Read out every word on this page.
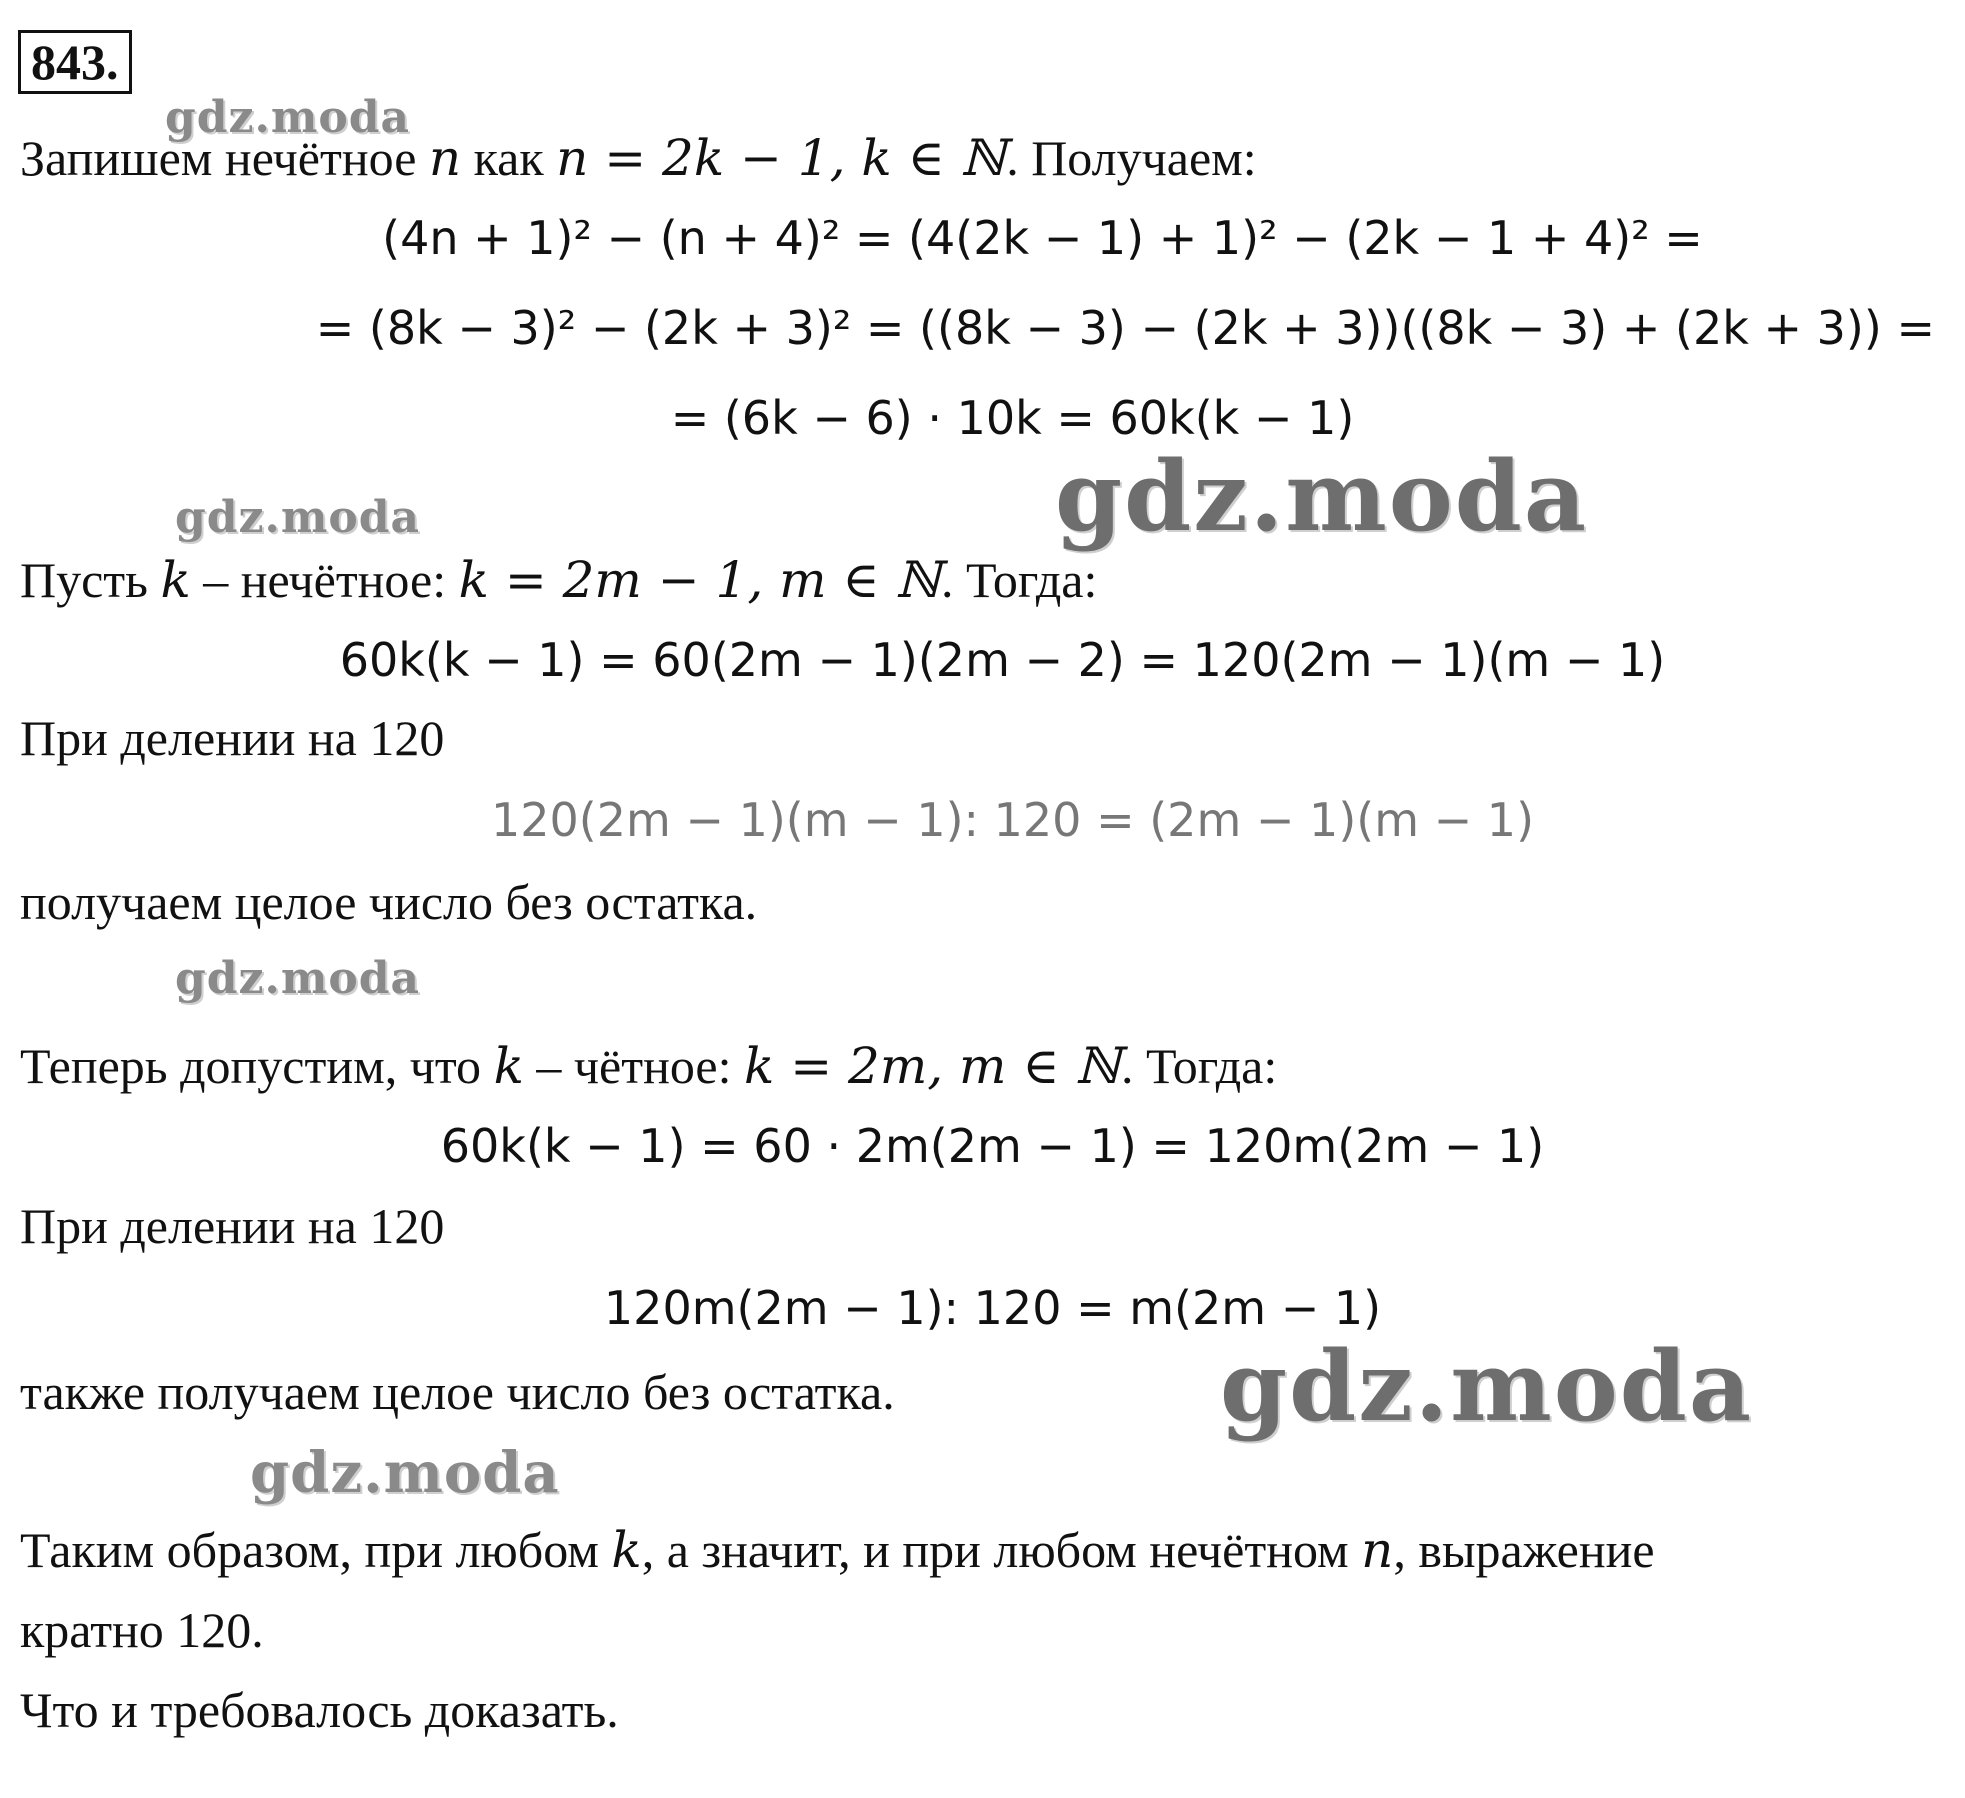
843.
gdz.moda
Запишем нечётное n как n = 2k − 1, k ∈ ℕ. Получаем:
(4n + 1)² − (n + 4)² = (4(2k − 1) + 1)² − (2k − 1 + 4)² =
= (8k − 3)² − (2k + 3)² = ((8k − 3) − (2k + 3))((8k − 3) + (2k + 3)) =
= (6k − 6) · 10k = 60k(k − 1)
gdz.moda	gdz.moda
Пусть k – нечётное: k = 2m − 1, m ∈ ℕ. Тогда:
60k(k − 1) = 60(2m − 1)(2m − 2) = 120(2m − 1)(m − 1)
При делении на 120
120(2m − 1)(m − 1): 120 = (2m − 1)(m − 1)
получаем целое число без остатка.
gdz.moda
Теперь допустим, что k – чётное: k = 2m, m ∈ ℕ. Тогда:
60k(k − 1) = 60 · 2m(2m − 1) = 120m(2m − 1)
При делении на 120
120m(2m − 1): 120 = m(2m − 1)
также получаем целое число без остатка.	gdz.moda
gdz.moda
Таким образом, при любом k, а значит, и при любом нечётном n, выражение
кратно 120.
Что и требовалось доказать.
